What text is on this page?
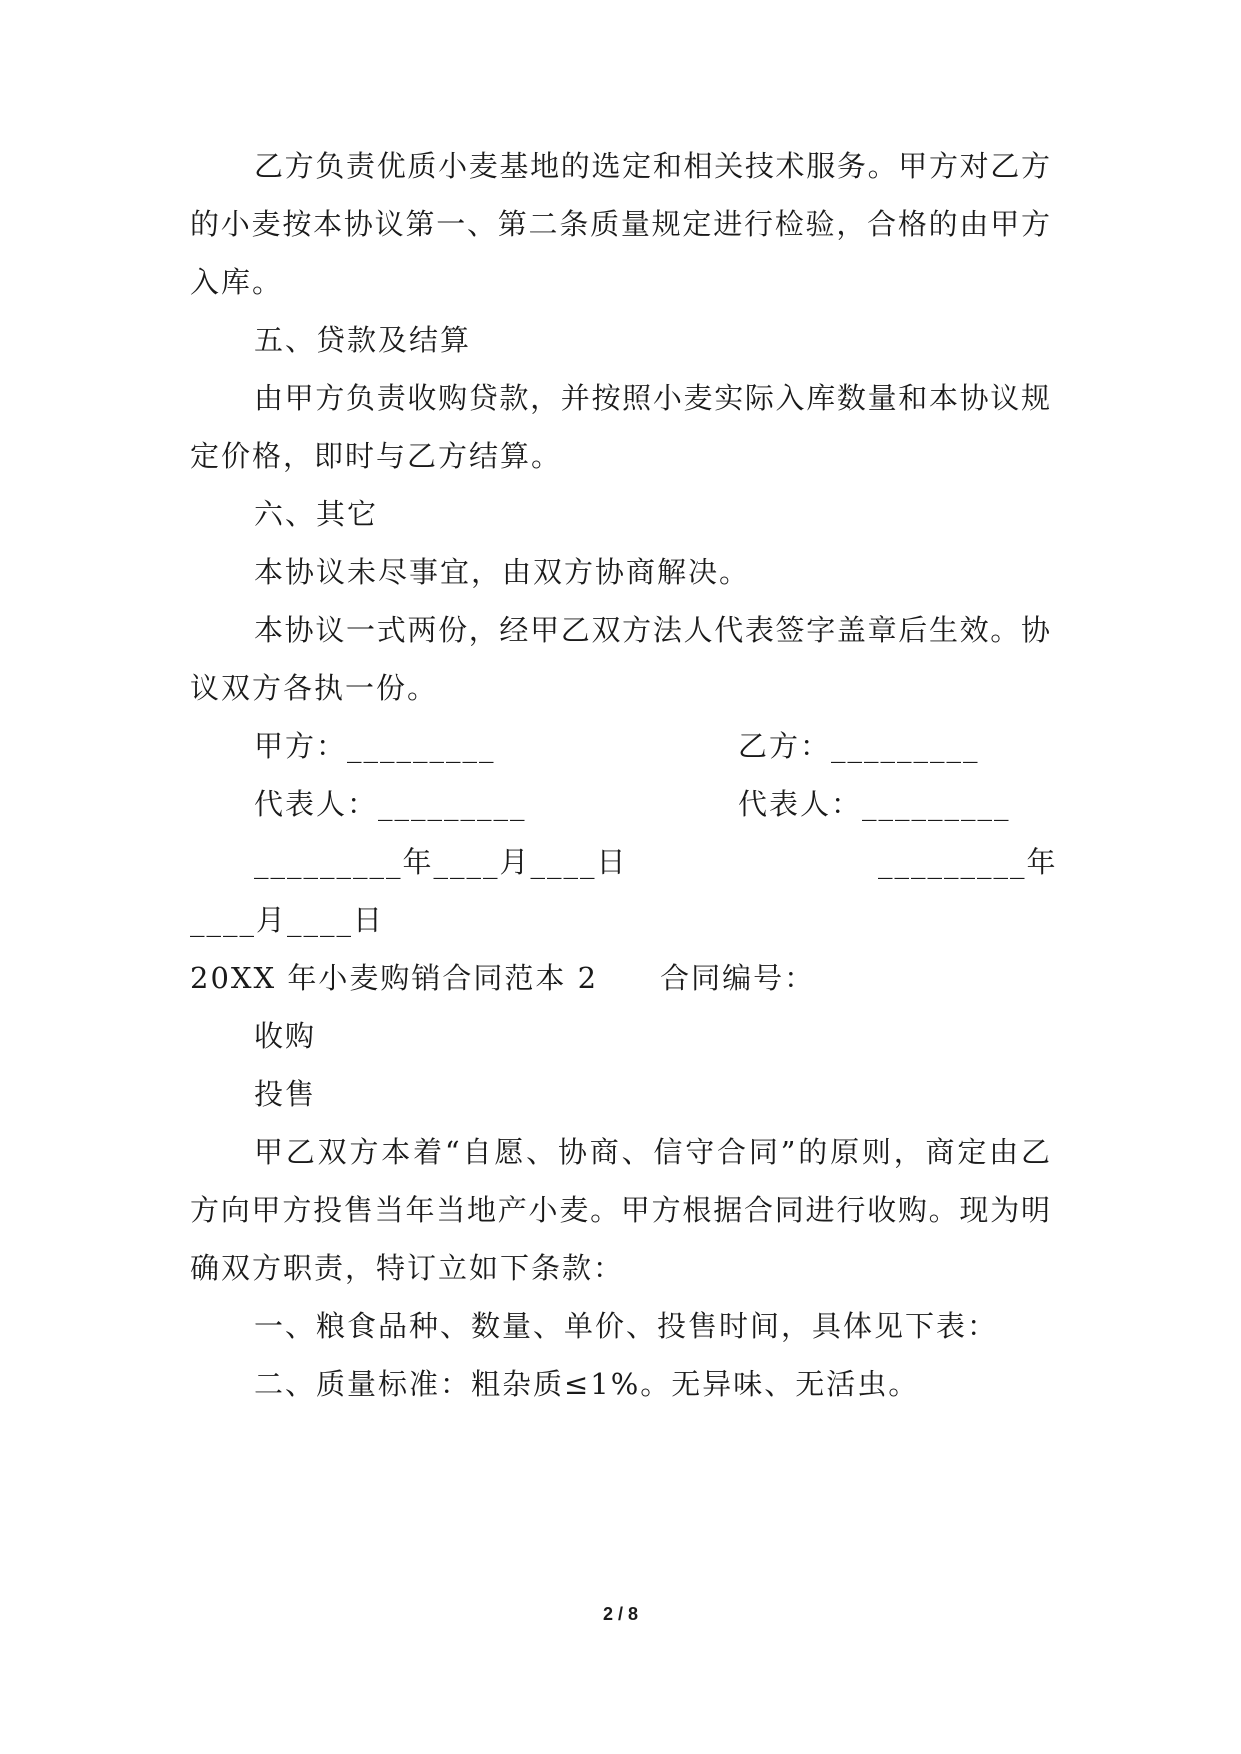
乙方负责优质小麦基地的选定和相关技术服务。甲方对乙方
的小麦按本协议第一、第二条质量规定进行检验，合格的由甲方
入库。
五、贷款及结算
由甲方负责收购贷款，并按照小麦实际入库数量和本协议规
定价格，即时与乙方结算。
六、其它
本协议未尽事宜，由双方协商解决。
本协议一式两份，经甲乙双方法人代表签字盖章后生效。协
议双方各执一份。
甲方：_________	乙方：_________
代表人：_________	代表人：_________
_________年____月____日	_________年
____月____日
20XX 年小麦购销合同范本 2　　合同编号：
收购
投售
甲乙双方本着“自愿、协商、信守合同”的原则，商定由乙
方向甲方投售当年当地产小麦。甲方根据合同进行收购。现为明
确双方职责，特订立如下条款：
一、粮食品种、数量、单价、投售时间，具体见下表：
二、质量标准：粗杂质≤1%。无异味、无活虫。
2 / 8
